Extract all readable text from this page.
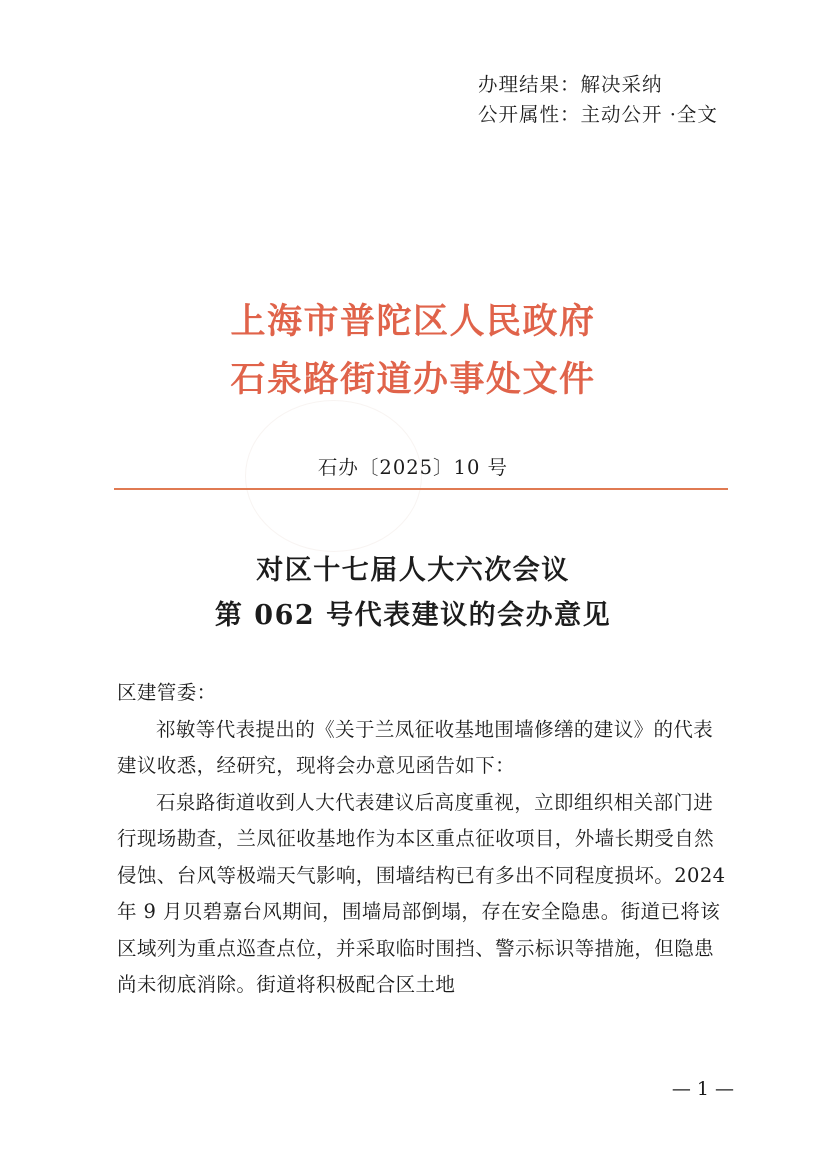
办理结果：解决采纳
公开属性：主动公开 ·全文
上海市普陀区人民政府
石泉路街道办事处文件
石办〔2025〕10 号
对区十七届人大六次会议
第 062 号代表建议的会办意见

区建管委：

祁敏等代表提出的《关于兰凤征收基地围墙修缮的建议》的代表建议收悉，经研究，现将会办意见函告如下：

石泉路街道收到人大代表建议后高度重视，立即组织相关部门进行现场勘查，兰凤征收基地作为本区重点征收项目，外墙长期受自然侵蚀、台风等极端天气影响，围墙结构已有多出不同程度损坏。2024 年 9 月贝碧嘉台风期间，围墙局部倒塌，存在安全隐患。街道已将该区域列为重点巡查点位，并采取临时围挡、警示标识等措施，但隐患尚未彻底消除。街道将积极配合区土地

— 1 —
